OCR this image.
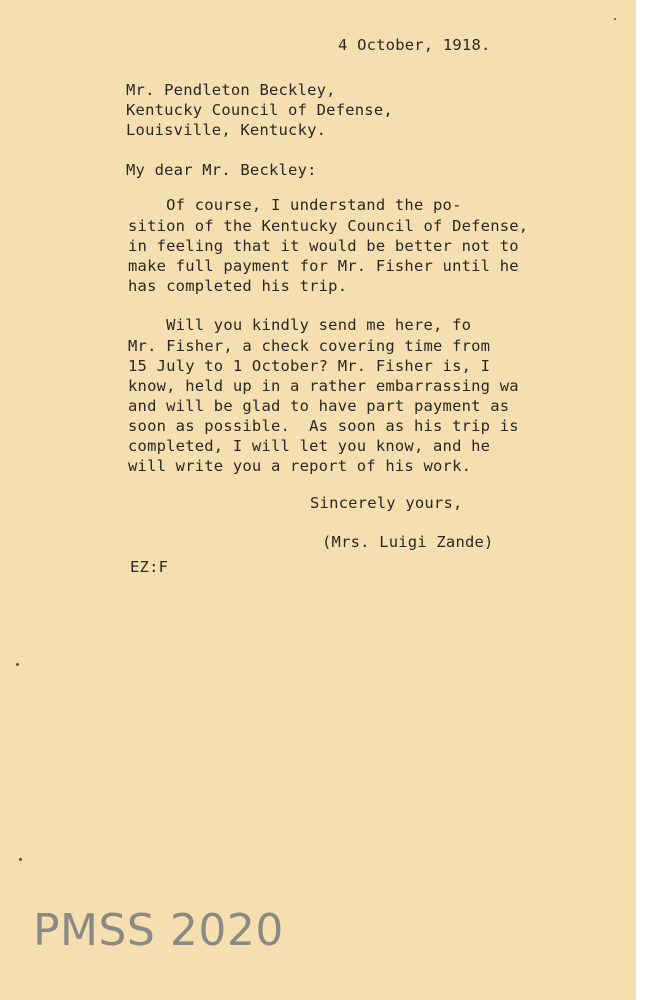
4 October, 1918.
Mr. Pendleton Beckley,
Kentucky Council of Defense,
Louisville, Kentucky.
My dear Mr. Beckley:
Of course, I understand the po-
sition of the Kentucky Council of Defense,
in feeling that it would be better not to
make full payment for Mr. Fisher until he
has completed his trip.
Will you kindly send me here, fo
Mr. Fisher, a check covering time from
15 July to 1 October? Mr. Fisher is, I
know, held up in a rather embarrassing wa
and will be glad to have part payment as
soon as possible.  As soon as his trip is
completed, I will let you know, and he
will write you a report of his work.
Sincerely yours,
(Mrs. Luigi Zande)
EZ:F
PMSS 2020
